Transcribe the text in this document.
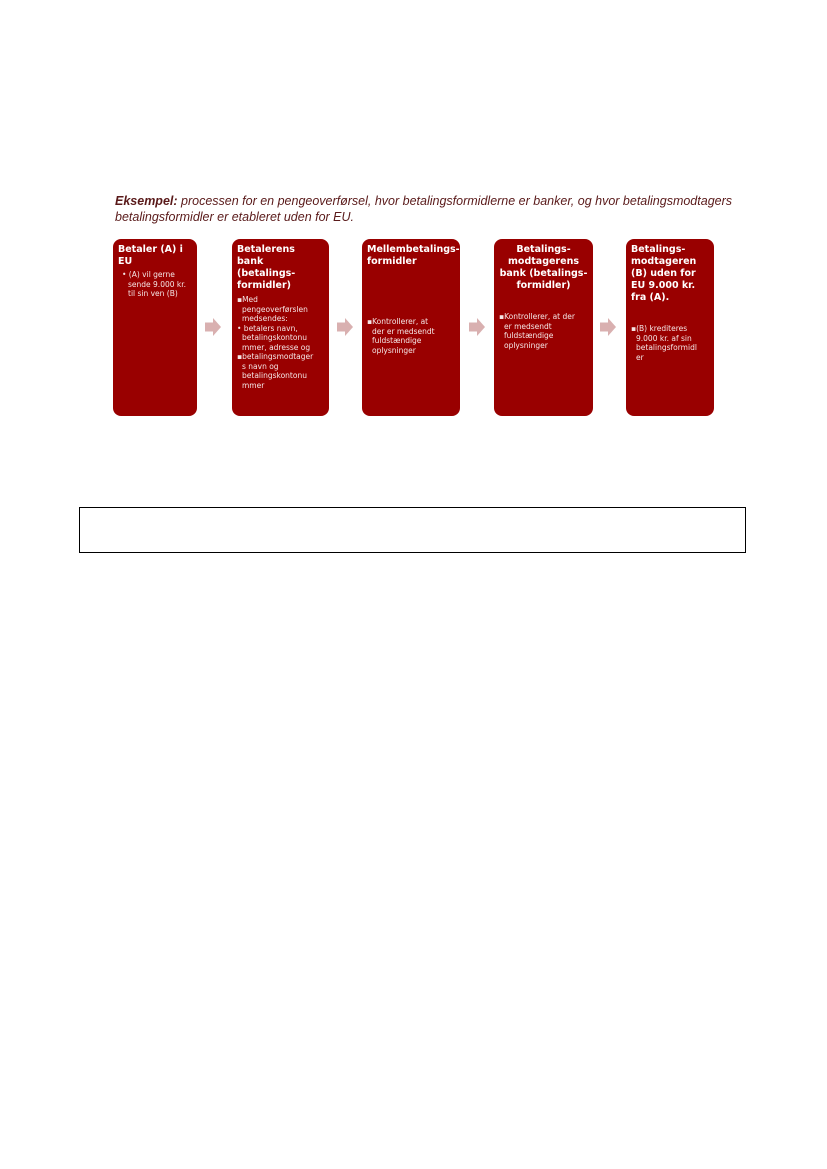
Eksempel: processen for en pengeoverførsel, hvor betalingsformidlerne er banker, og hvor betalingsmodtagers betalingsformidler er etableret uden for EU.
Betaler (A) i EU
• (A) vil gerne
sende 9.000 kr.
til sin ven (B)
Betalerens bank (betalings-formidler)
▪Med
pengeoverførslen
medsendes:
• betalers navn,
betalingskontonu
mmer, adresse og
▪betalingsmodtager
s navn og
betalingskontonu
mmer
Mellembetalings-formidler
▪Kontrollerer, at
der er medsendt
fuldstændige
oplysninger
Betalings-modtagerens bank (betalings-formidler)
▪Kontrollerer, at der
er medsendt
fuldstændige
oplysninger
Betalings-modtageren (B) uden for EU 9.000 kr. fra (A).
▪(B) krediteres
9.000 kr. af sin
betalingsformidl
er
